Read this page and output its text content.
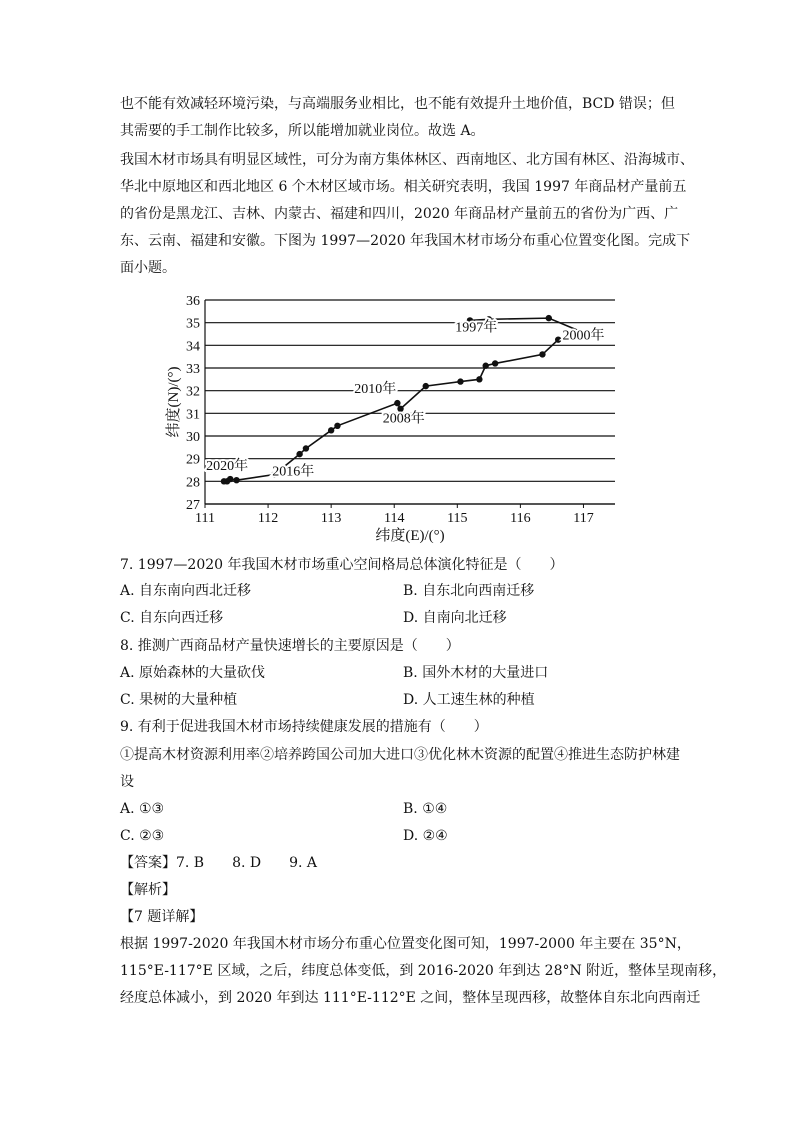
也不能有效减轻环境污染，与高端服务业相比，也不能有效提升土地价值，BCD 错误；但
其需要的手工制作比较多，所以能增加就业岗位。故选 A。
我国木材市场具有明显区域性，可分为南方集体林区、西南地区、北方国有林区、沿海城市、
华北中原地区和西北地区 6 个木材区域市场。相关研究表明，我国 1997 年商品材产量前五
的省份是黑龙江、吉林、内蒙古、福建和四川，2020 年商品材产量前五的省份为广西、广
东、云南、福建和安徽。下图为 1997—2020 年我国木材市场分布重心位置变化图。完成下
面小题。
27
28
29
30
31
32
33
34
35
36
111	112	113	114	115	116	117
纬度(E)/(°)
纬度(N)/(°)
1997年
2000年
2010年
2008年
2016年
2020年
7. 1997—2020 年我国木材市场重心空间格局总体演化特征是（　　）
A. 自东南向西北迁移	B. 自东北向西南迁移
C. 自东向西迁移	D. 自南向北迁移
8. 推测广西商品材产量快速增长的主要原因是（　　）
A. 原始森林的大量砍伐	B. 国外木材的大量进口
C. 果树的大量种植	D. 人工速生林的种植
9. 有利于促进我国木材市场持续健康发展的措施有（　　）
①提高木材资源利用率②培养跨国公司加大进口③优化林木资源的配置④推进生态防护林建
设
A. ①③	B. ①④
C. ②③	D. ②④
【答案】7. B　　8. D　　9. A
【解析】
【7 题详解】
根据 1997-2020 年我国木材市场分布重心位置变化图可知，1997-2000 年主要在 35°N，
115°E-117°E 区域，之后，纬度总体变低，到 2016-2020 年到达 28°N 附近，整体呈现南移，
经度总体减小，到 2020 年到达 111°E-112°E 之间，整体呈现西移，故整体自东北向西南迁
